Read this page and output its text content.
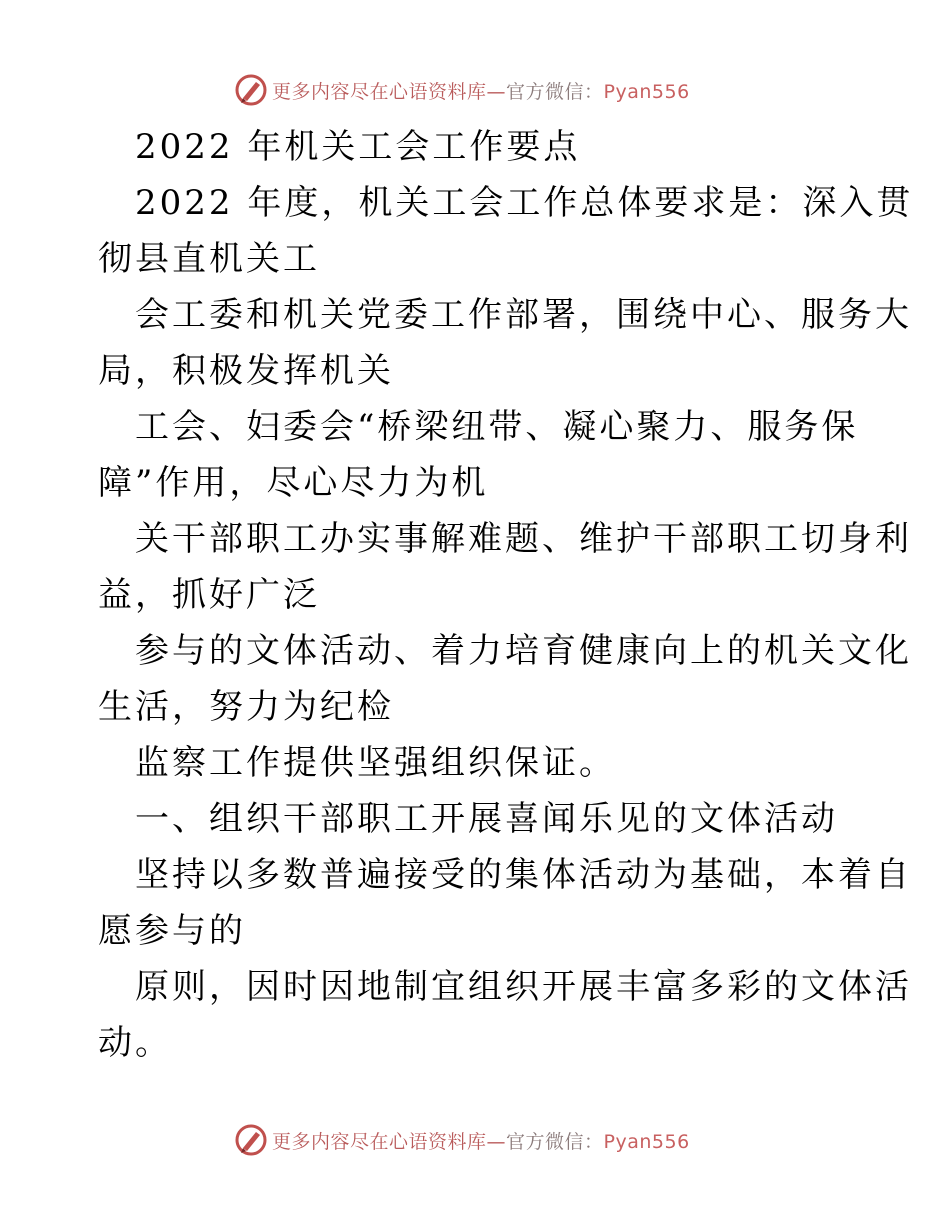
更多内容尽在心语资料库—官方微信：Pyan556

2022 年机关工会工作要点

2022 年度，机关工会工作总体要求是：深入贯

彻县直机关工

会工委和机关党委工作部署，围绕中心、服务大

局，积极发挥机关

工会、妇委会“桥梁纽带、凝心聚力、服务保

障”作用，尽心尽力为机

关干部职工办实事解难题、维护干部职工切身利

益，抓好广泛

参与的文体活动、着力培育健康向上的机关文化

生活，努力为纪检

监察工作提供坚强组织保证。

一、组织干部职工开展喜闻乐见的文体活动

坚持以多数普遍接受的集体活动为基础，本着自

愿参与的

原则，因时因地制宜组织开展丰富多彩的文体活

动。

更多内容尽在心语资料库—官方微信：Pyan556
